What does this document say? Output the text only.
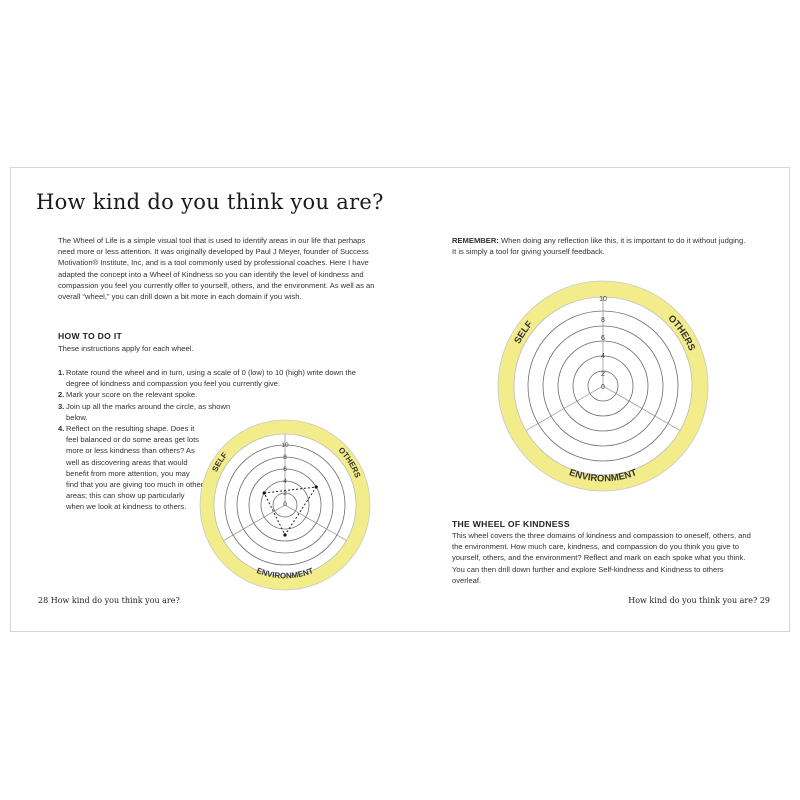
How kind do you think you are?
The Wheel of Life is a simple visual tool that is used to identify areas in our life that perhaps need more or less attention. It was originally developed by Paul J Meyer, founder of Success Motivation® Institute, Inc, and is a tool commonly used by professional coaches. Here I have adapted the concept into a Wheel of Kindness so you can identify the level of kindness and compassion you feel you currently offer to yourself, others, and the environment. As well as an overall “wheel,” you can drill down a bit more in each domain if you wish.
HOW TO DO IT
These instructions apply for each wheel.
1. Rotate round the wheel and in turn, using a scale of 0 (low) to 10 (high) write down the degree of kindness and compassion you feel you currently give.
2. Mark your score on the relevant spoke.
3. Join up all the marks around the circle, as shown below.
4. Reflect on the resulting shape. Does it feel balanced or do some areas get lots more or less kindness than others? As well as discovering areas that would benefit from more attention, you may find that you are giving too much in other areas; this can show up particularly when we look at kindness to others.
10
8
6
4
2
0
SELF	OTHERS
ENVIRONMENT
28 How kind do you think you are?
REMEMBER: When doing any reflection like this, it is important to do it without judging. It is simply a tool for giving yourself feedback.
10
8
6
4
2
0
SELF	OTHERS
ENVIRONMENT
THE WHEEL OF KINDNESS
This wheel covers the three domains of kindness and compassion to oneself, others, and the environment. How much care, kindness, and compassion do you think you give to yourself, others, and the environment? Reflect and mark on each spoke what you think. You can then drill down further and explore Self-kindness and Kindness to others overleaf.
How kind do you think you are? 29
